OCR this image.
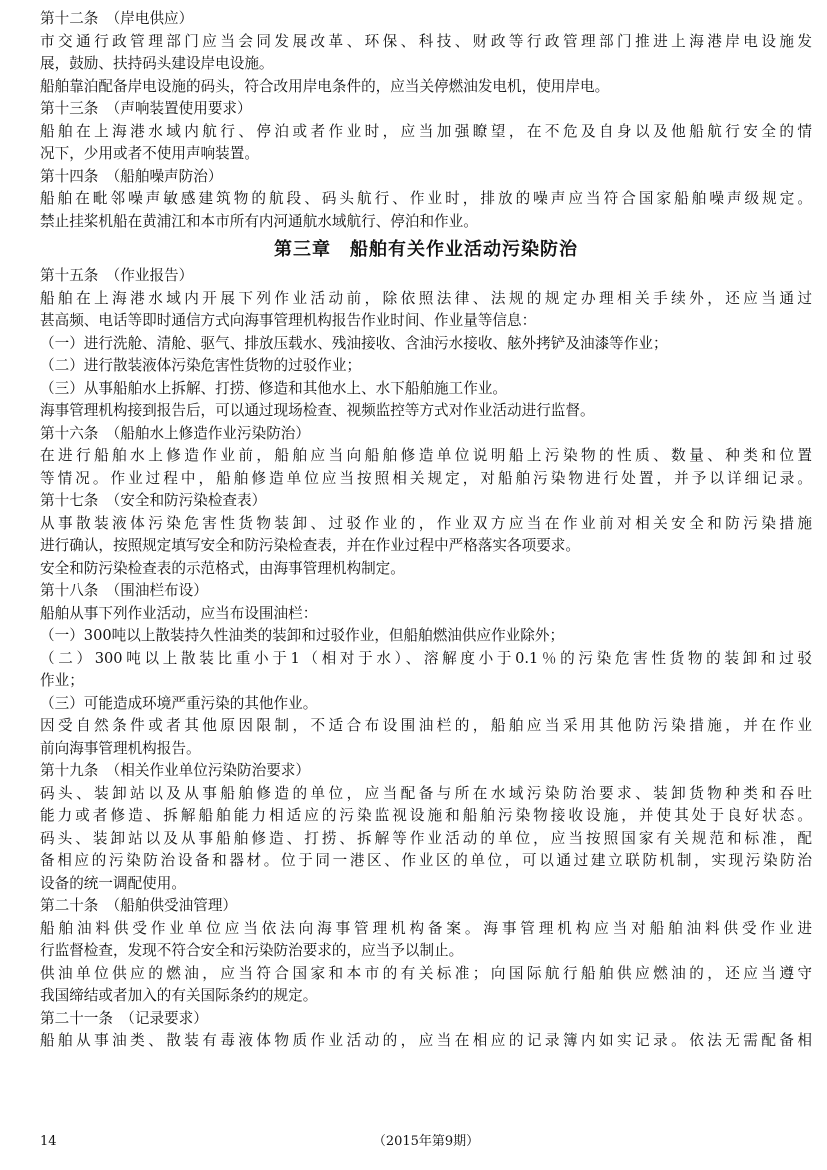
第十二条　（岸电供应）
市交通行政管理部门应当会同发展改革、环保、科技、财政等行政管理部门推进上海港岸电设施发
展，鼓励、扶持码头建设岸电设施。
船舶靠泊配备岸电设施的码头，符合改用岸电条件的，应当关停燃油发电机，使用岸电。
第十三条　（声响装置使用要求）
船舶在上海港水域内航行、停泊或者作业时，应当加强瞭望，在不危及自身以及他船航行安全的情
况下，少用或者不使用声响装置。
第十四条　（船舶噪声防治）
船舶在毗邻噪声敏感建筑物的航段、码头航行、作业时，排放的噪声应当符合国家船舶噪声级规定。
禁止挂桨机船在黄浦江和本市所有内河通航水域航行、停泊和作业。
第三章　船舶有关作业活动污染防治
第十五条　（作业报告）
船舶在上海港水域内开展下列作业活动前，除依照法律、法规的规定办理相关手续外，还应当通过
甚高频、电话等即时通信方式向海事管理机构报告作业时间、作业量等信息：
（一）进行洗舱、清舱、驱气、排放压载水、残油接收、含油污水接收、舷外拷铲及油漆等作业；
（二）进行散装液体污染危害性货物的过驳作业；
（三）从事船舶水上拆解、打捞、修造和其他水上、水下船舶施工作业。
海事管理机构接到报告后，可以通过现场检查、视频监控等方式对作业活动进行监督。
第十六条　（船舶水上修造作业污染防治）
在进行船舶水上修造作业前，船舶应当向船舶修造单位说明船上污染物的性质、数量、种类和位置
等情况。作业过程中，船舶修造单位应当按照相关规定，对船舶污染物进行处置，并予以详细记录。
第十七条　（安全和防污染检查表）
从事散装液体污染危害性货物装卸、过驳作业的，作业双方应当在作业前对相关安全和防污染措施
进行确认，按照规定填写安全和防污染检查表，并在作业过程中严格落实各项要求。
安全和防污染检查表的示范格式，由海事管理机构制定。
第十八条　（围油栏布设）
船舶从事下列作业活动，应当布设围油栏：
（一）300吨以上散装持久性油类的装卸和过驳作业，但船舶燃油供应作业除外；
（二）300吨以上散装比重小于1（相对于水）、溶解度小于0.1％的污染危害性货物的装卸和过驳
作业；
（三）可能造成环境严重污染的其他作业。
因受自然条件或者其他原因限制，不适合布设围油栏的，船舶应当采用其他防污染措施，并在作业
前向海事管理机构报告。
第十九条　（相关作业单位污染防治要求）
码头、装卸站以及从事船舶修造的单位，应当配备与所在水域污染防治要求、装卸货物种类和吞吐
能力或者修造、拆解船舶能力相适应的污染监视设施和船舶污染物接收设施，并使其处于良好状态。
码头、装卸站以及从事船舶修造、打捞、拆解等作业活动的单位，应当按照国家有关规范和标准，配
备相应的污染防治设备和器材。位于同一港区、作业区的单位，可以通过建立联防机制，实现污染防治
设备的统一调配使用。
第二十条　（船舶供受油管理）
船舶油料供受作业单位应当依法向海事管理机构备案。海事管理机构应当对船舶油料供受作业进
行监督检查，发现不符合安全和污染防治要求的，应当予以制止。
供油单位供应的燃油，应当符合国家和本市的有关标准；向国际航行船舶供应燃油的，还应当遵守
我国缔结或者加入的有关国际条约的规定。
第二十一条　（记录要求）
船舶从事油类、散装有毒液体物质作业活动的，应当在相应的记录簿内如实记录。依法无需配备相
14	（2015年第9期）
